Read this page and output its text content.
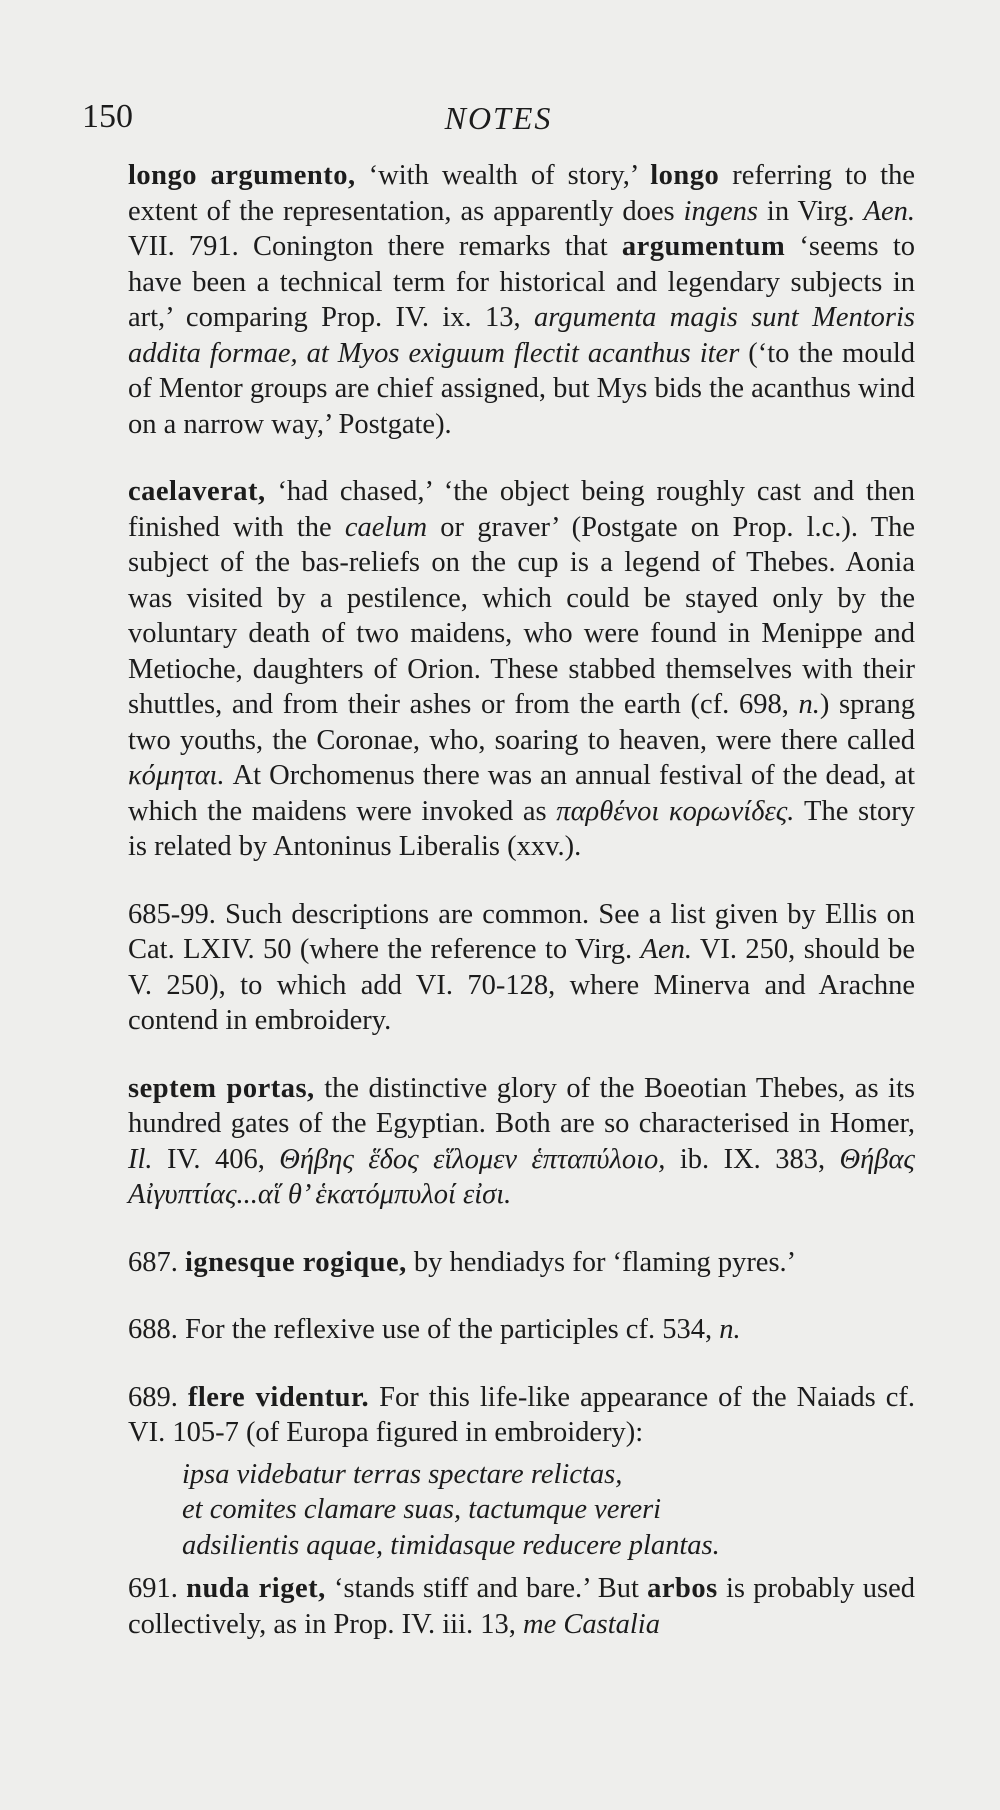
150	NOTES

longo argumento, ‘with wealth of story,’ longo referring to the extent of the representation, as apparently does ingens in Virg. Aen. VII. 791. Conington there remarks that argumentum ‘seems to have been a technical term for historical and legendary subjects in art,’ comparing Prop. IV. ix. 13, argumenta magis sunt Mentoris addita formae, at Myos exiguum flectit acanthus iter (‘to the mould of Mentor groups are chief assigned, but Mys bids the acanthus wind on a narrow way,’ Postgate).

caelaverat, ‘had chased,’ ‘the object being roughly cast and then finished with the caelum or graver’ (Postgate on Prop. l.c.). The subject of the bas-reliefs on the cup is a legend of Thebes. Aonia was visited by a pestilence, which could be stayed only by the voluntary death of two maidens, who were found in Menippe and Metioche, daughters of Orion. These stabbed themselves with their shuttles, and from their ashes or from the earth (cf. 698, n.) sprang two youths, the Coronae, who, soaring to heaven, were there called κόμηται. At Orchomenus there was an annual festival of the dead, at which the maidens were invoked as παρθένοι κορωνίδες. The story is related by Antoninus Liberalis (xxv.).

685-99. Such descriptions are common. See a list given by Ellis on Cat. LXIV. 50 (where the reference to Virg. Aen. VI. 250, should be V. 250), to which add VI. 70-128, where Minerva and Arachne contend in embroidery.

septem portas, the distinctive glory of the Boeotian Thebes, as its hundred gates of the Egyptian. Both are so characterised in Homer, Il. IV. 406, Θήβης ἕδος εἵλομεν ἑπταπύλοιο, ib. IX. 383, Θήβας Αἰγυπτίας...αἵ θ’ ἑκατόμπυλοί εἰσι.

687. ignesque rogique, by hendiadys for ‘flaming pyres.’

688. For the reflexive use of the participles cf. 534, n.

689. flere videntur. For this life-like appearance of the Naiads cf. VI. 105-7 (of Europa figured in embroidery):

ipsa videbatur terras spectare relictas,
et comites clamare suas, tactumque vereri
adsilientis aquae, timidasque reducere plantas.

691. nuda riget, ‘stands stiff and bare.’ But arbos is probably used collectively, as in Prop. IV. iii. 13, me Castalia
